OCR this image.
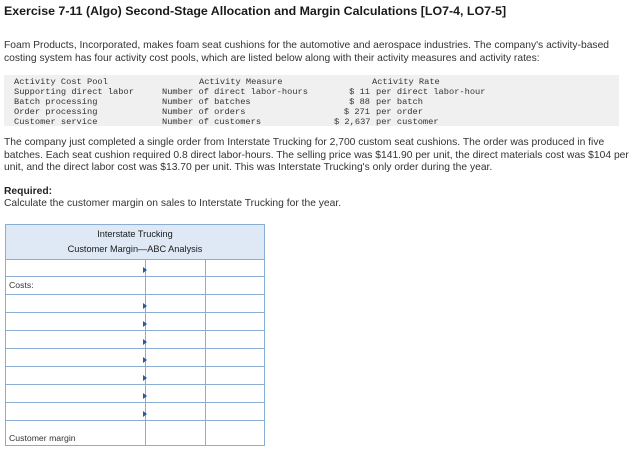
Exercise 7-11 (Algo) Second-Stage Allocation and Margin Calculations [LO7-4, LO7-5]

Foam Products, Incorporated, makes foam seat cushions for the automotive and aerospace industries. The company's activity-based costing system has four activity cost pools, which are listed below along with their activity measures and activity rates:

Activity Cost Pool
Supporting direct labor
Batch processing
Order processing
Customer service
Activity Measure
Number of direct labor-hours
Number of batches
Number of orders
Number of customers
Activity Rate
$ 11
$ 88
$ 271
$ 2,637
per direct labor-hour
per batch
per order
per customer

The company just completed a single order from Interstate Trucking for 2,700 custom seat cushions. The order was produced in five batches. Each seat cushion required 0.8 direct labor-hours. The selling price was $141.90 per unit, the direct materials cost was $104 per unit, and the direct labor cost was $13.70 per unit. This was Interstate Trucking's only order during the year.

Required:
Calculate the customer margin on sales to Interstate Trucking for the year.
Interstate Trucking
Customer Margin—ABC Analysis
Costs:
Customer margin
